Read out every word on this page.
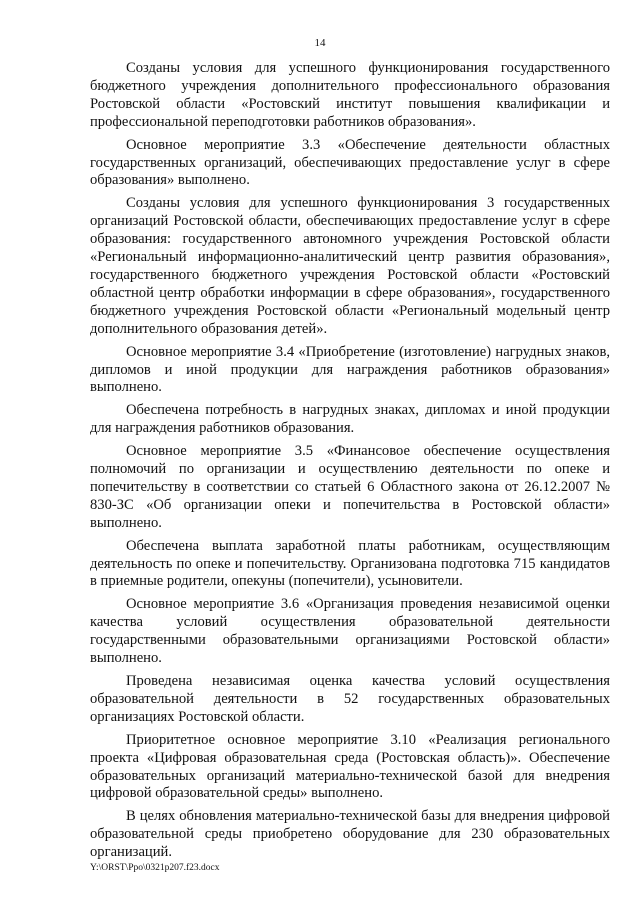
14

Созданы условия для успешного функционирования государственного бюджетного учреждения дополнительного профессионального образования Ростовской области «Ростовский институт повышения квалификации и профессиональной переподготовки работников образования».

Основное мероприятие 3.3 «Обеспечение деятельности областных государственных организаций, обеспечивающих предоставление услуг в сфере образования» выполнено.

Созданы условия для успешного функционирования 3 государственных организаций Ростовской области, обеспечивающих предоставление услуг в сфере образования: государственного автономного учреждения Ростовской области «Региональный информационно-аналитический центр развития образования», государственного бюджетного учреждения Ростовской области «Ростовский областной центр обработки информации в сфере образования», государственного бюджетного учреждения Ростовской области «Региональный модельный центр дополнительного образования детей».

Основное мероприятие 3.4 «Приобретение (изготовление) нагрудных знаков, дипломов и иной продукции для награждения работников образования» выполнено.

Обеспечена потребность в нагрудных знаках, дипломах и иной продукции для награждения работников образования.

Основное мероприятие 3.5 «Финансовое обеспечение осуществления полномочий по организации и осуществлению деятельности по опеке и попечительству в соответствии со статьей 6 Областного закона от 26.12.2007 № 830-ЗС «Об организации опеки и попечительства в Ростовской области» выполнено.

Обеспечена выплата заработной платы работникам, осуществляющим деятельность по опеке и попечительству. Организована подготовка 715 кандидатов в приемные родители, опекуны (попечители), усыновители.

Основное мероприятие 3.6 «Организация проведения независимой оценки качества условий осуществления образовательной деятельности государственными образовательными организациями Ростовской области» выполнено.

Проведена независимая оценка качества условий осуществления образовательной деятельности в 52 государственных образовательных организациях Ростовской области.

Приоритетное основное мероприятие 3.10 «Реализация регионального проекта «Цифровая образовательная среда (Ростовская область)». Обеспечение образовательных организаций материально-технической базой для внедрения цифровой образовательной среды» выполнено.

В целях обновления материально-технической базы для внедрения цифровой образовательной среды приобретено оборудование для 230 образовательных организаций.

Y:\ORST\Ppo\0321p207.f23.docx
